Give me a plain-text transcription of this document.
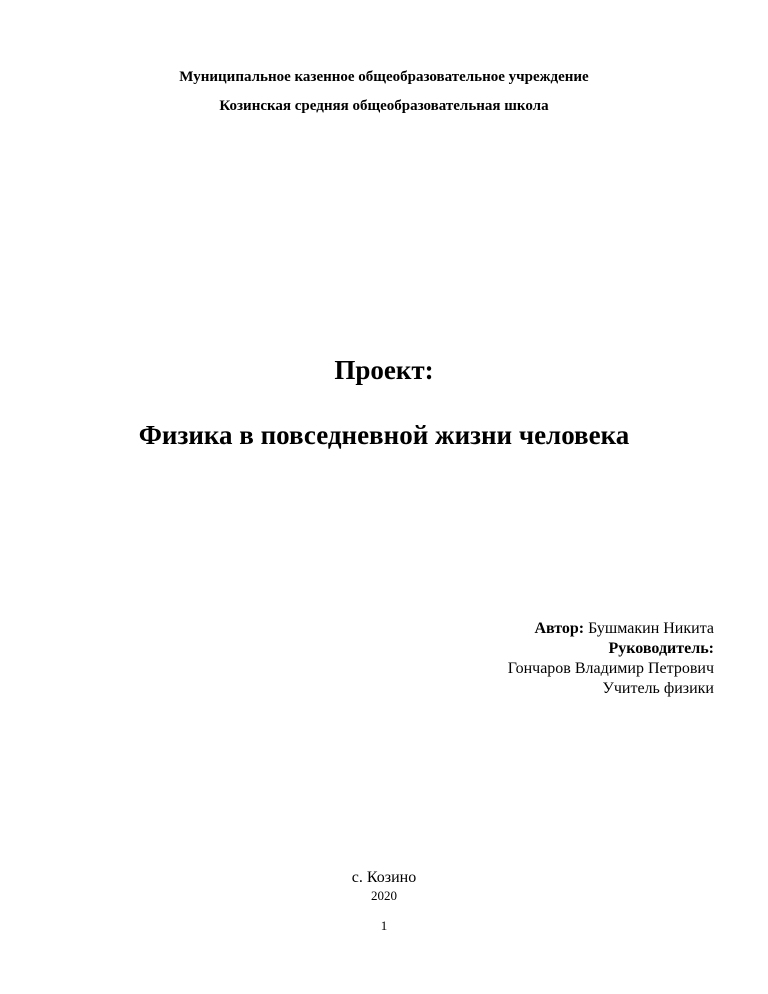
Муниципальное казенное общеобразовательное учреждение
Козинская средняя общеобразовательная школа
Проект:
Физика в повседневной жизни человека
Автор: Бушмакин Никита
Руководитель:
Гончаров Владимир Петрович
Учитель физики
с. Козино
2020
1
